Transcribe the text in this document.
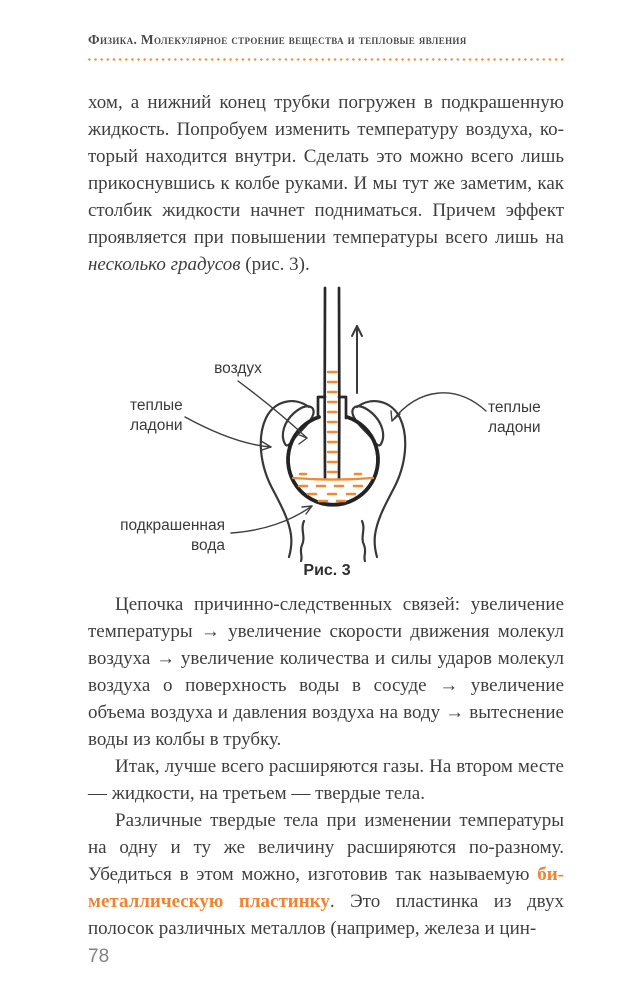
Физика. Молекулярное строение вещества и тепловые явления

хом, а нижний конец трубки погружен в подкрашенную жидкость. Попробуем изменить температуру воздуха, который находится внутри. Сделать это можно всего лишь прикоснувшись к колбе руками. И мы тут же заметим, как столбик жидкости начнет подниматься. Причем эффект проявляется при повышении температуры всего лишь на несколько градусов (рис. 3).

воздух
теплые
ладони
теплые
ладони
подкрашенная
вода
Рис. 3

Цепочка причинно-следственных связей: увеличение температуры → увеличение скорости движения молекул воздуха → увеличение количества и силы ударов молекул воздуха о поверхность воды в сосуде → увеличение объема воздуха и давления воздуха на воду → вытеснение воды из колбы в трубку.

Итак, лучше всего расширяются газы. На втором месте — жидкости, на третьем — твердые тела.

Различные твердые тела при изменении температуры на одну и ту же величину расширяются по-разному. Убедиться в этом можно, изготовив так называемую биметаллическую пластинку. Это пластинка из двух полосок различных металлов (например, железа и цин-

78
